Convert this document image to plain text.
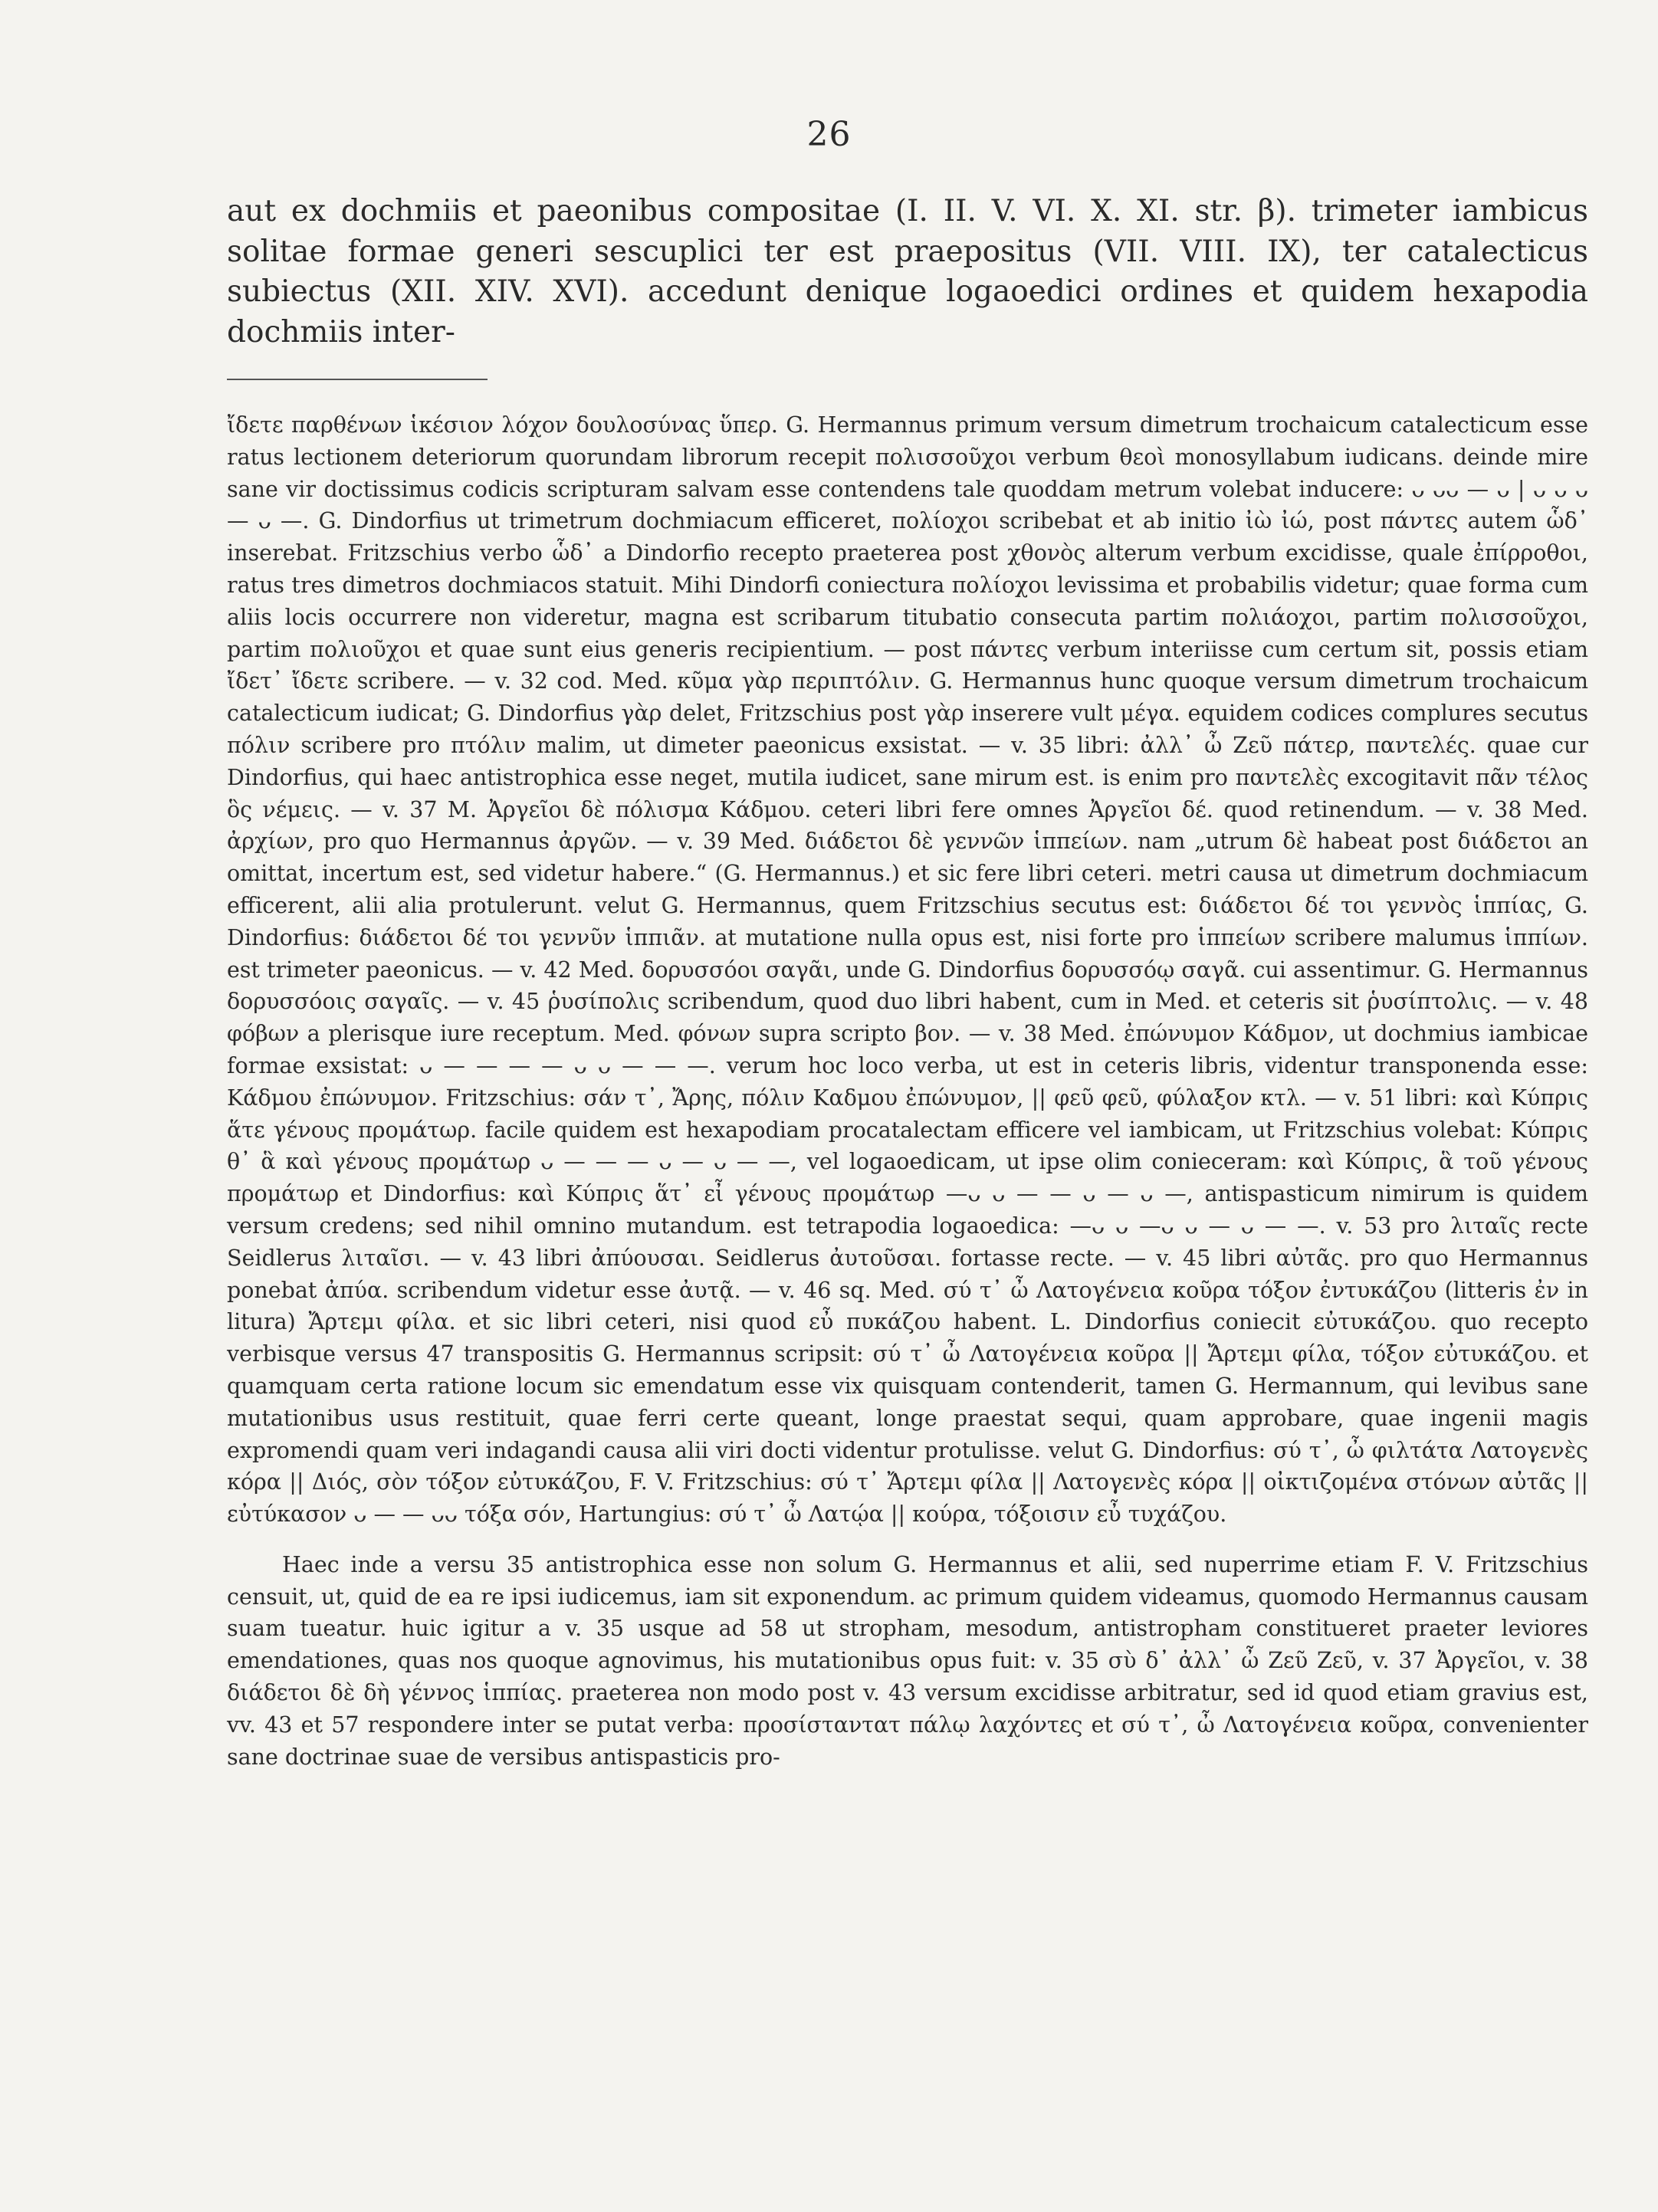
26

aut ex dochmiis et paeonibus compositae (I. II. V. VI. X. XI. str. β). trimeter iambicus solitae formae generi sescuplici ter est praepositus (VII. VIII. IX), ter catalecticus subiectus (XII. XIV. XVI). accedunt denique logaoedici ordines et quidem hexapodia dochmiis inter-

ἴδετε παρθένων ἱκέσιον λόχον δουλοσύνας ὕπερ. G. Hermannus primum versum dimetrum trochaicum catalecticum esse ratus lectionem deteriorum quorundam librorum recepit πολισσοῦχοι verbum θεοὶ monosyllabum iudicans. deinde mire sane vir doctissimus codicis scripturam salvam esse contendens tale quoddam metrum volebat inducere: ᴗ ᴗᴗ — ᴗ | ᴗ ᴗ ᴗ — ᴗ —. G. Dindorfius ut trimetrum dochmiacum efficeret, πολίοχοι scribebat et ab initio ἰὼ ἰώ, post πάντες autem ὧδ᾽ inserebat. Fritzschius verbo ὧδ᾽ a Dindorfio recepto praeterea post χθονὸς alterum verbum excidisse, quale ἐπίρροθοι, ratus tres dimetros dochmiacos statuit. Mihi Dindorfi coniectura πολίοχοι levissima et probabilis videtur; quae forma cum aliis locis occurrere non videretur, magna est scribarum titubatio consecuta partim πολιάοχοι, partim πολισσοῦχοι, partim πολιοῦχοι et quae sunt eius generis recipientium. — post πάντες verbum interiisse cum certum sit, possis etiam ἴδετ᾽ ἴδετε scribere. — v. 32 cod. Med. κῦμα γὰρ περιπτόλιν. G. Hermannus hunc quoque versum dimetrum trochaicum catalecticum iudicat; G. Dindorfius γὰρ delet, Fritzschius post γὰρ inserere vult μέγα. equidem codices complures secutus πόλιν scribere pro πτόλιν malim, ut dimeter paeonicus exsistat. — v. 35 libri: ἀλλ᾽ ὦ Ζεῦ πάτερ, παντελές. quae cur Dindorfius, qui haec antistrophica esse neget, mutila iudicet, sane mirum est. is enim pro παντελὲς excogitavit πᾶν τέλος ὃς νέμεις. — v. 37 M. Ἀργεῖοι δὲ πόλισμα Κάδμου. ceteri libri fere omnes Ἀργεῖοι δέ. quod retinendum. — v. 38 Med. ἀρχίων, pro quo Hermannus ἀργῶν. — v. 39 Med. διάδετοι δὲ γεννῶν ἱππείων. nam „utrum δὲ habeat post διάδετοι an omittat, incertum est, sed videtur habere.“ (G. Hermannus.) et sic fere libri ceteri. metri causa ut dimetrum dochmiacum efficerent, alii alia protulerunt. velut G. Hermannus, quem Fritzschius secutus est: διάδετοι δέ τοι γεννὸς ἱππίας, G. Dindorfius: διάδετοι δέ τοι γεννῦν ἱππιᾶν. at mutatione nulla opus est, nisi forte pro ἱππείων scribere malumus ἱππίων. est trimeter paeonicus. — v. 42 Med. δορυσσόοι σαγᾶι, unde G. Dindorfius δορυσσόῳ σαγᾶ. cui assentimur. G. Hermannus δορυσσόοις σαγαῖς. — v. 45 ῥυσίπολις scribendum, quod duo libri habent, cum in Med. et ceteris sit ῥυσίπτολις. — v. 48 φόβων a plerisque iure receptum. Med. φόνων supra scripto βον. — v. 38 Med. ἐπώνυμον Κάδμον, ut dochmius iambicae formae exsistat: ᴗ — — — — ᴗ ᴗ — — —. verum hoc loco verba, ut est in ceteris libris, videntur transponenda esse: Κάδμου ἐπώνυμον. Fritzschius: σάν τ᾽, Ἄρης, πόλιν Καδμου ἐπώνυμον, || φεῦ φεῦ, φύλαξον κτλ. — v. 51 libri: καὶ Κύπρις ἅτε γένους προμάτωρ. facile quidem est hexapodiam procatalectam efficere vel iambicam, ut Fritzschius volebat: Κύπρις θ᾽ ἃ καὶ γένους προμάτωρ ᴗ — — — ᴗ — ᴗ — —, vel logaoedicam, ut ipse olim conieceram: καὶ Κύπρις, ἃ τοῦ γένους προμάτωρ et Dindorfius: καὶ Κύπρις ἅτ᾽ εἶ γένους προμάτωρ —ᴗ ᴗ — — ᴗ — ᴗ —, antispasticum nimirum is quidem versum credens; sed nihil omnino mutandum. est tetrapodia logaoedica: —ᴗ ᴗ —ᴗ ᴗ — ᴗ — —. v. 53 pro λιταῖς recte Seidlerus λιταῖσι. — v. 43 libri ἀπύουσαι. Seidlerus ἀυτοῦσαι. fortasse recte. — v. 45 libri αὐτᾶς. pro quo Hermannus ponebat ἀπύα. scribendum videtur esse ἀυτᾷ. — v. 46 sq. Med. σύ τ᾽ ὦ Λατογένεια κοῦρα τόξον ἐντυκάζου (litteris ἐν in litura) Ἄρτεμι φίλα. et sic libri ceteri, nisi quod εὖ πυκάζου habent. L. Dindorfius coniecit εὐτυκάζου. quo recepto verbisque versus 47 transpositis G. Hermannus scripsit: σύ τ᾽ ὦ Λατογένεια κοῦρα || Ἄρτεμι φίλα, τόξον εὐτυκάζου. et quamquam certa ratione locum sic emendatum esse vix quisquam contenderit, tamen G. Hermannum, qui levibus sane mutationibus usus restituit, quae ferri certe queant, longe praestat sequi, quam approbare, quae ingenii magis expromendi quam veri indagandi causa alii viri docti videntur protulisse. velut G. Dindorfius: σύ τ᾽, ὦ φιλτάτα Λατογενὲς κόρα || Διός, σὸν τόξον εὐτυκάζου, F. V. Fritzschius: σύ τ᾽ Ἄρτεμι φίλα || Λατογενὲς κόρα || οἰκτιζομένα στόνων αὐτᾶς || εὐτύκασον ᴗ — — ᴗᴗ τόξα σόν, Hartungius: σύ τ᾽ ὦ Λατῴα || κούρα, τόξοισιν εὖ τυχάζου.

Haec inde a versu 35 antistrophica esse non solum G. Hermannus et alii, sed nuperrime etiam F. V. Fritzschius censuit, ut, quid de ea re ipsi iudicemus, iam sit exponendum. ac primum quidem videamus, quomodo Hermannus causam suam tueatur. huic igitur a v. 35 usque ad 58 ut stropham, mesodum, antistropham constitueret praeter leviores emendationes, quas nos quoque agnovimus, his mutationibus opus fuit: v. 35 σὺ δ᾽ ἀλλ᾽ ὦ Ζεῦ Ζεῦ, v. 37 Ἀργεῖοι, v. 38 διάδετοι δὲ δὴ γέννος ἱππίας. praeterea non modo post v. 43 versum excidisse arbitratur, sed id quod etiam gravius est, vv. 43 et 57 respondere inter se putat verba: προσίσταντατ πάλῳ λαχόντες et σύ τ᾽, ὦ Λατογένεια κοῦρα, convenienter sane doctrinae suae de versibus antispasticis pro-
